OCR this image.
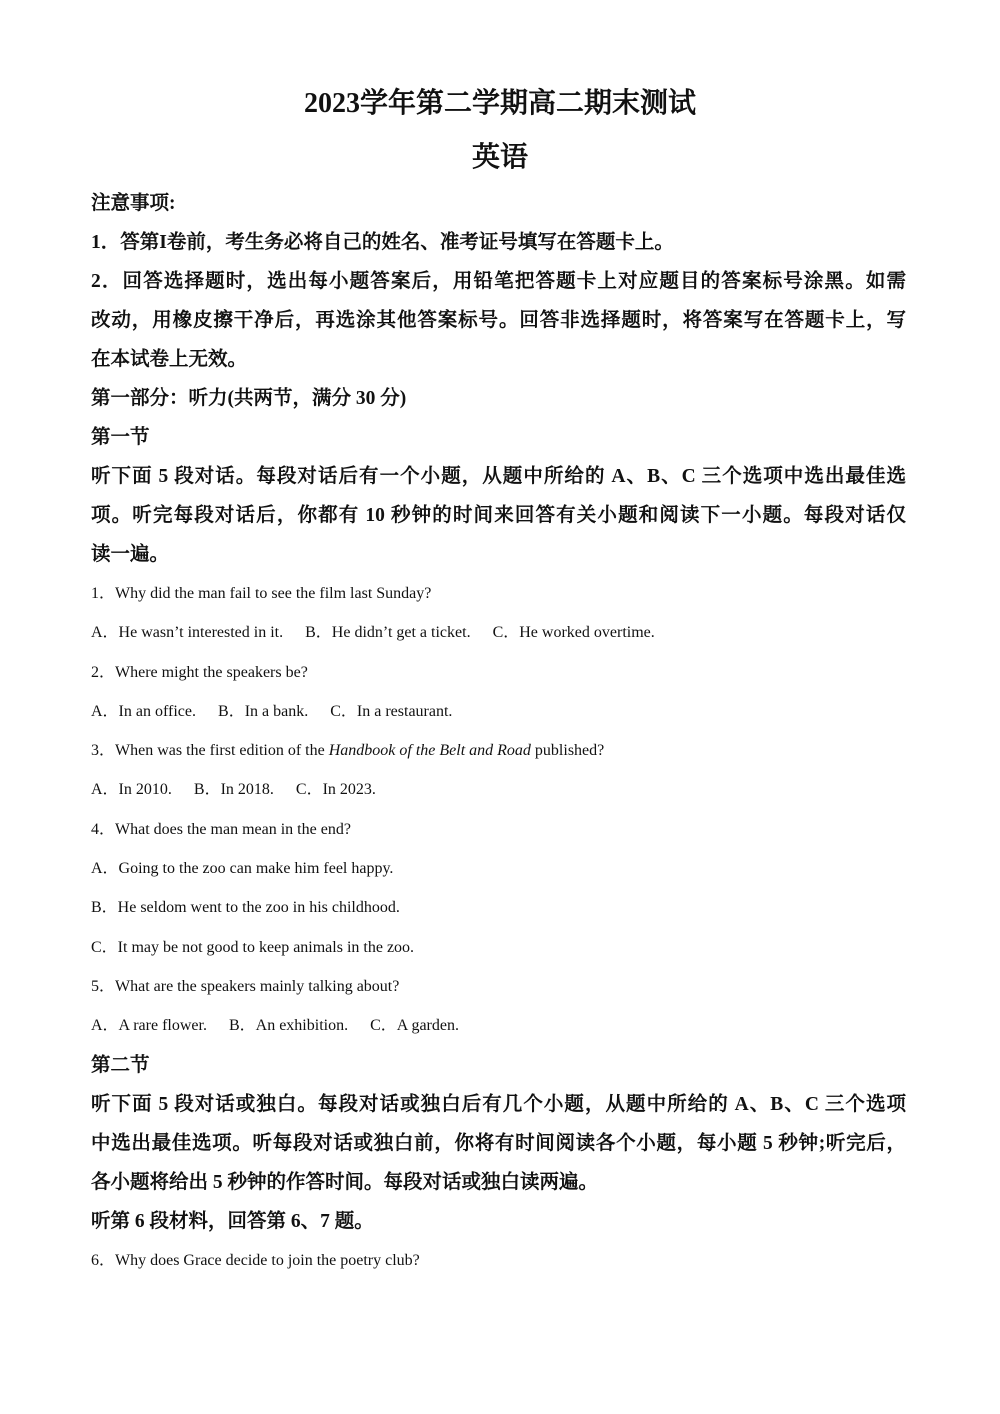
2023学年第二学期高二期末测试
英语
注意事项:
1．答第I卷前，考生务必将自己的姓名、准考证号填写在答题卡上。
2．回答选择题时，选出每小题答案后，用铅笔把答题卡上对应题目的答案标号涂黑。如需
改动，用橡皮擦干净后，再选涂其他答案标号。回答非选择题时，将答案写在答题卡上，写
在本试卷上无效。
第一部分：听力(共两节，满分 30 分)
第一节
听下面 5 段对话。每段对话后有一个小题，从题中所给的 A、B、C 三个选项中选出最佳选
项。听完每段对话后，你都有 10 秒钟的时间来回答有关小题和阅读下一小题。每段对话仅
读一遍。
1．Why did the man fail to see the film last Sunday?
A．He wasn’t interested in it. B．He didn’t get a ticket. C．He worked overtime.
2．Where might the speakers be?
A．In an office. B．In a bank. C．In a restaurant.
3．When was the first edition of the Handbook of the Belt and Road published?
A．In 2010. B．In 2018. C．In 2023.
4．What does the man mean in the end?
A．Going to the zoo can make him feel happy.
B．He seldom went to the zoo in his childhood.
C．It may be not good to keep animals in the zoo.
5．What are the speakers mainly talking about?
A．A rare flower. B．An exhibition. C．A garden.
第二节
听下面 5 段对话或独白。每段对话或独白后有几个小题，从题中所给的 A、B、C 三个选项
中选出最佳选项。听每段对话或独白前，你将有时间阅读各个小题，每小题 5 秒钟;听完后，
各小题将给出 5 秒钟的作答时间。每段对话或独白读两遍。
听第 6 段材料，回答第 6、7 题。
6．Why does Grace decide to join the poetry club?
